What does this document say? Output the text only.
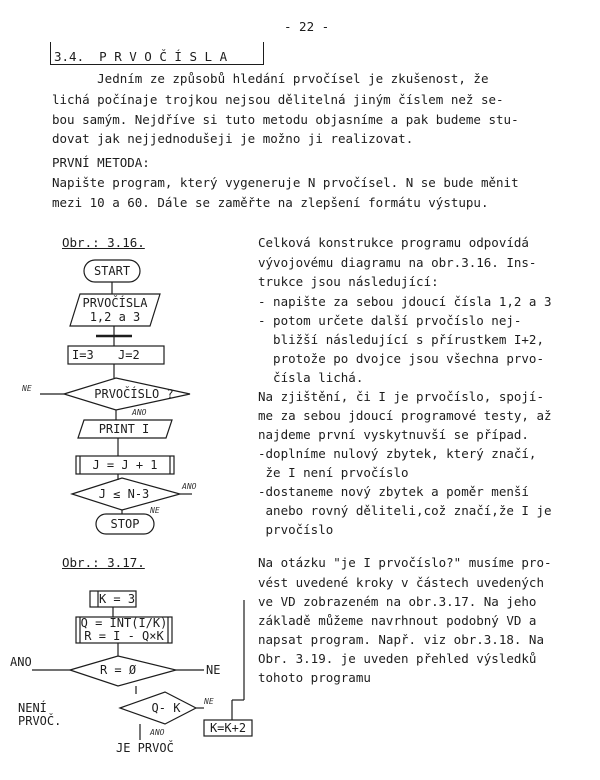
- 22 -
3.4.  P R V O Č Í S L A
Jedním ze způsobů hledání prvočísel je zkušenost, že
lichá počínaje trojkou nejsou dělitelná jiným číslem než se-
bou samým. Nejdříve si tuto metodu objasníme a pak budeme stu-
dovat jak nejjednodušeji je možno ji realizovat.
PRVNÍ METODA:
Napište program, který vygeneruje N prvočísel. N se bude měnit
mezi 10 a 60. Dále se zaměřte na zlepšení formátu výstupu.
Obr.: 3.16.	Celková konstrukce programu odpovídá
vývojovému diagramu na obr.3.16. Ins-
trukce jsou následující:
- napište za sebou jdoucí čísla 1,2 a 3
- potom určete další prvočíslo nej-
bližší následující s přírustkem I+2,
protože po dvojce jsou všechna prvo-
čísla lichá.
Na zjištění, či I je prvočíslo, spojí-
me za sebou jdoucí programové testy, až
najdeme první vyskytnuvší se případ.
-doplníme nulový zbytek, který značí,
že I není prvočíslo
-dostaneme nový zbytek a poměr menší
anebo rovný děliteli,což značí,že I je
prvočíslo
START
PRVOČÍSLA
1,2 a 3
I=3 J=2
PRVOČÍSLO ?
PRINT I
J = J + 1
J ≤ N-3
STOP
NE
ANO
ANO
NE
Obr.: 3.17.	Na otázku "je I prvočíslo?" musíme pro-
vést uvedené kroky v částech uvedených
ve VD zobrazeném na obr.3.17. Na jeho
základě můžeme navrhnout podobný VD a
napsat program. Např. viz obr.3.18. Na
Obr. 3.19. je uveden přehled výsledků
tohoto programu
K = 3
Q = INT(I/K)
R = I - Q×K
R = Ø
ANO
NE
NENÍ
PRVOČ.
Q- K
K=K+2
JE PRVOČ
NE
ANO
